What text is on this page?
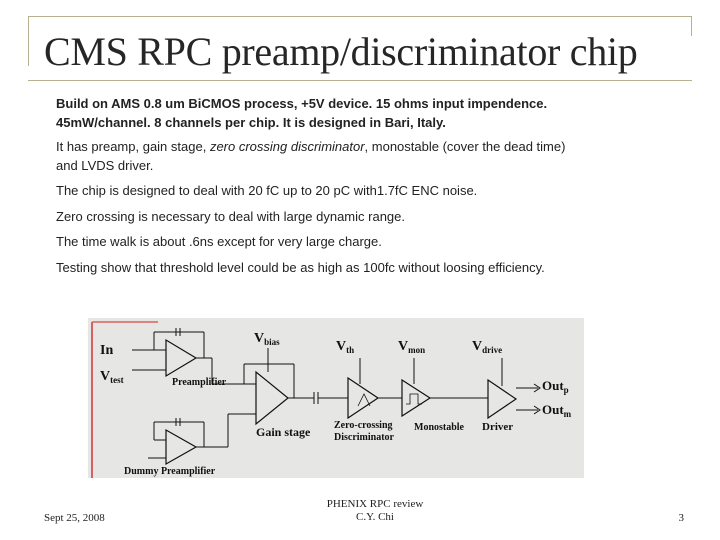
CMS RPC preamp/discriminator chip
Build on AMS 0.8 um BiCMOS process, +5V device. 15 ohms input impendence.
45mW/channel. 8 channels per chip. It is designed in Bari, Italy.
It has preamp, gain stage, zero crossing discriminator, monostable (cover the dead time)
and LVDS driver.
The chip is designed to deal with 20 fC up to 20 pC with1.7fC ENC noise.
Zero crossing is necessary to deal with large dynamic range.
The time walk is about .6ns except for very large charge.
Testing show that threshold level could be as high as 100fc without loosing efficiency.
In
$V_{test}$	Preamplifier
$V_{bias}$	$V_{th}$	$V_{mon}$	$V_{drive}$
Out$_p$
Out$_m$
Gain stage Zero-crossing
Discriminator
Monostable Driver
Dummy Preamplifier
Sept 25, 2008
PHENIX RPC review
C.Y. Chi	3
